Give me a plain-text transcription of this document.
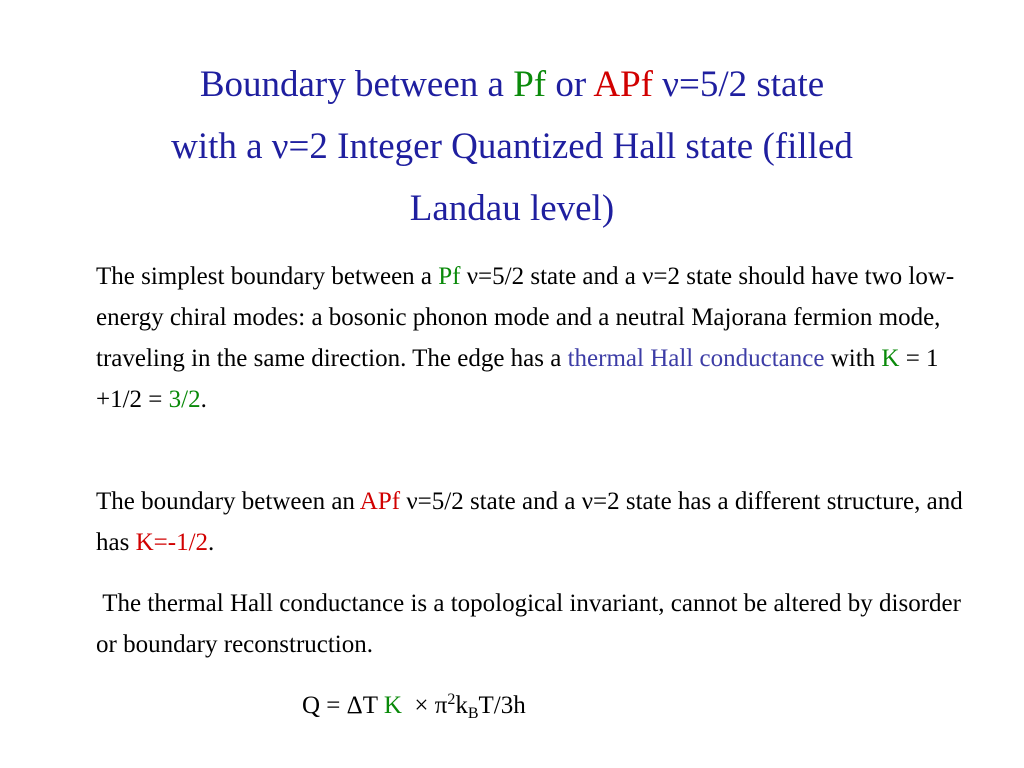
Boundary between a Pf or APf ν=5/2 state
with a ν=2 Integer Quantized Hall state (filled
Landau level)
The simplest boundary between a Pf ν=5/2 state and a ν=2 state should have two low-energy chiral modes: a bosonic phonon mode and a neutral Majorana fermion mode, traveling in the same direction. The edge has a thermal Hall conductance with K = 1 +1/2 = 3/2.
The boundary between an APf ν=5/2 state and a ν=2 state has a different structure, and has K=-1/2.
The thermal Hall conductance is a topological invariant, cannot be altered by disorder or boundary reconstruction.
Q = ΔT $K \times \pi^2k_BT/3h$
